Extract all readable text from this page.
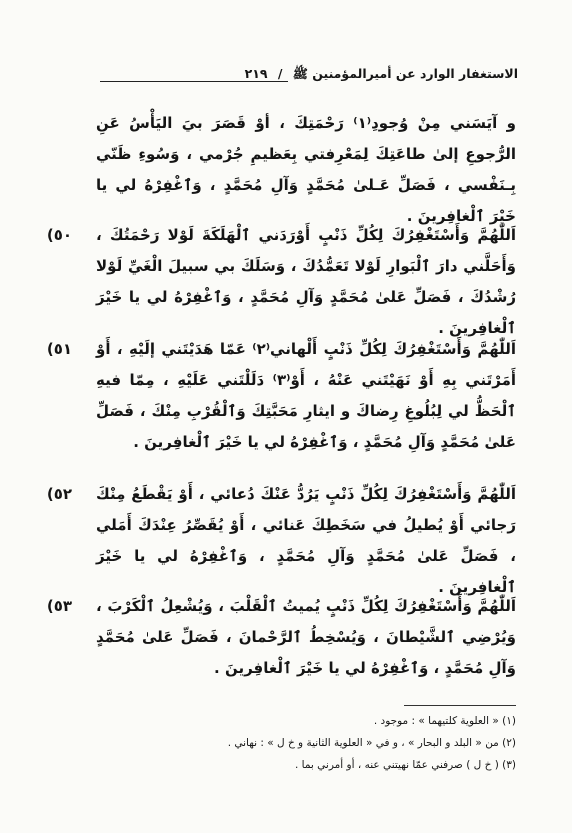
الاستغفار الوارد عن أميرالمؤمنين ﷺ / ٢١٩

و آيَسَني مِنْ وُجودِ⁽١⁾ رَحْمَتِكَ ، أوْ قَصَرَ بيَ اليَأْسُ عَنِ الرُّجوعِ إلىٰ طاعَتِكَ لِمَعْرِفتي بِعَظيمِ جُرْمي ، وَسُوءِ ظَنّي بِـنَفْسي ، فَصَلِّ عَـلىٰ مُحَمَّدٍ وَآلِ مُحَمَّدٍ ، وَٱغْفِرْهُ لي يا خَيْرَ ٱلْغافِرينَ .

٥٠) اَللّٰهُمَّ وَأَسْتَغْفِرُكَ لِكُلِّ ذَنْبٍ أَوْرَدَني ٱلْهَلَكَةَ لَوْلا رَحْمَتُكَ ، وَأَحَلَّني دارَ ٱلْبَوارِ لَوْلا تَعَمُّدُكَ ، وَسَلَكَ بي سبيلَ الْغَيِّ لَوْلا رُشْدُكَ ، فَصَلِّ عَلىٰ مُحَمَّدٍ وَآلِ مُحَمَّدٍ ، وَٱغْفِرْهُ لي يا خَيْرَ ٱلْغافِرينَ .

٥١) اَللّٰهُمَّ وَأَسْتَغْفِرُكَ لِكُلِّ ذَنْبٍ أَلْهاني⁽٢⁾ عَمّا هَدَيْتَني إلَيْهِ ، أَوْ أَمَرْتَني بِهِ أَوْ نَهَيْتَني عَنْهُ ، أَوْ⁽٣⁾ دَلَلْتَني عَلَيْهِ ، مِمّا فيهِ ٱلْحَظُّ لي لِبُلُوغِ رِضاكَ و ايثارِ مَحَبَّتِكَ وَٱلْقُرْبِ مِنْكَ ، فَصَلِّ عَلىٰ مُحَمَّدٍ وَآلِ مُحَمَّدٍ ، وَٱغْفِرْهُ لي يا خَيْرَ ٱلْغافِرينَ .

٥٢) اَللّٰهُمَّ وَأَسْتَغْفِرُكَ لِكُلِّ ذَنْبٍ يَرُدُّ عَنْكَ دُعائي ، أَوْ يَقْطَعُ مِنْكَ رَجائي أَوْ يُطيلُ في سَخَطِكَ عَنائي ، أَوْ يُقَصِّرُ عِنْدَكَ أَمَلي ، فَصَلِّ عَلىٰ مُحَمَّدٍ وَآلِ مُحَمَّدٍ ، وَٱغْفِرْهُ لي يا خَيْرَ ٱلْغافِرينَ .

٥٣) اَللّٰهُمَّ وَأَسْتَغْفِرُكَ لِكُلِّ ذَنْبٍ يُميتُ ٱلْقَلْبَ ، وَيُشْعِلُ ٱلْكَرْبَ ، وَيُرْضِي ٱلشَّيْطانَ ، وَيُسْخِطُ ٱلرَّحْمانَ ، فَصَلِّ عَلىٰ مُحَمَّدٍ وَآلِ مُحَمَّدٍ ، وَٱغْفِرْهُ لي يا خَيْرَ ٱلْغافِرينَ .

(١) « العلوية كلتيهما » : موجود .
(٢) من « البلد و البحار » ، و في « العلوية الثانية و خ ل » : نهاني .
(٣) ( خ ل ) صرفني عمّا نهيتني عنه ، أو أمرني بما .
